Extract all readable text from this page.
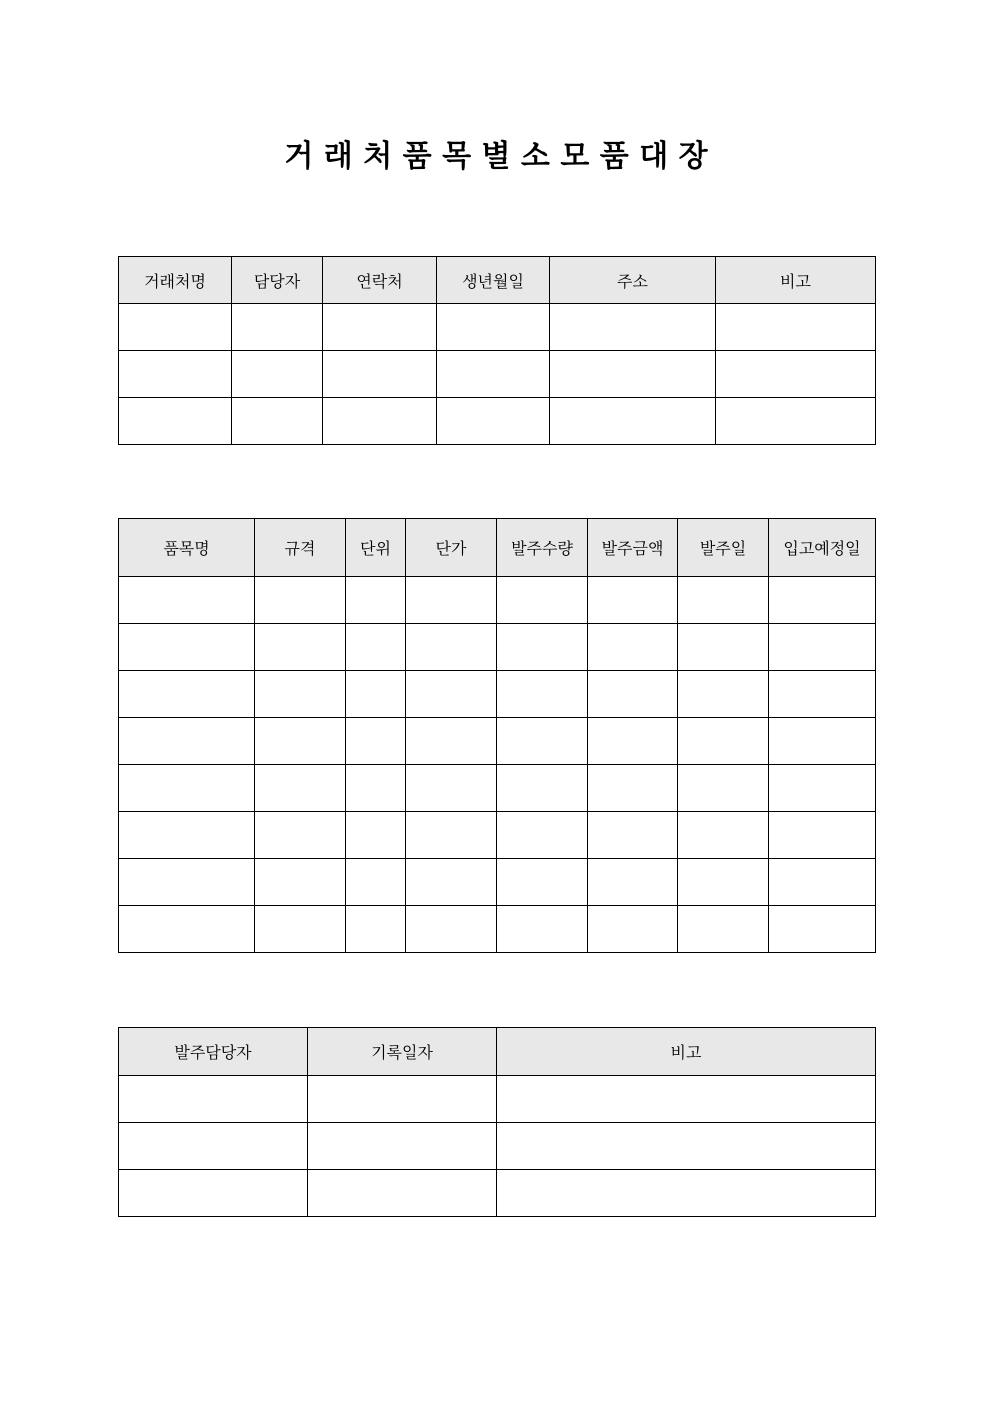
거 래 처 품 목 별 소 모 품 대 장
거래처명	담당자	연락처	생년월일	주소	비고

품목명	규격	단위	단가	발주수량	발주금액	발주일	입고예정일

발주담당자	기록일자	비고
